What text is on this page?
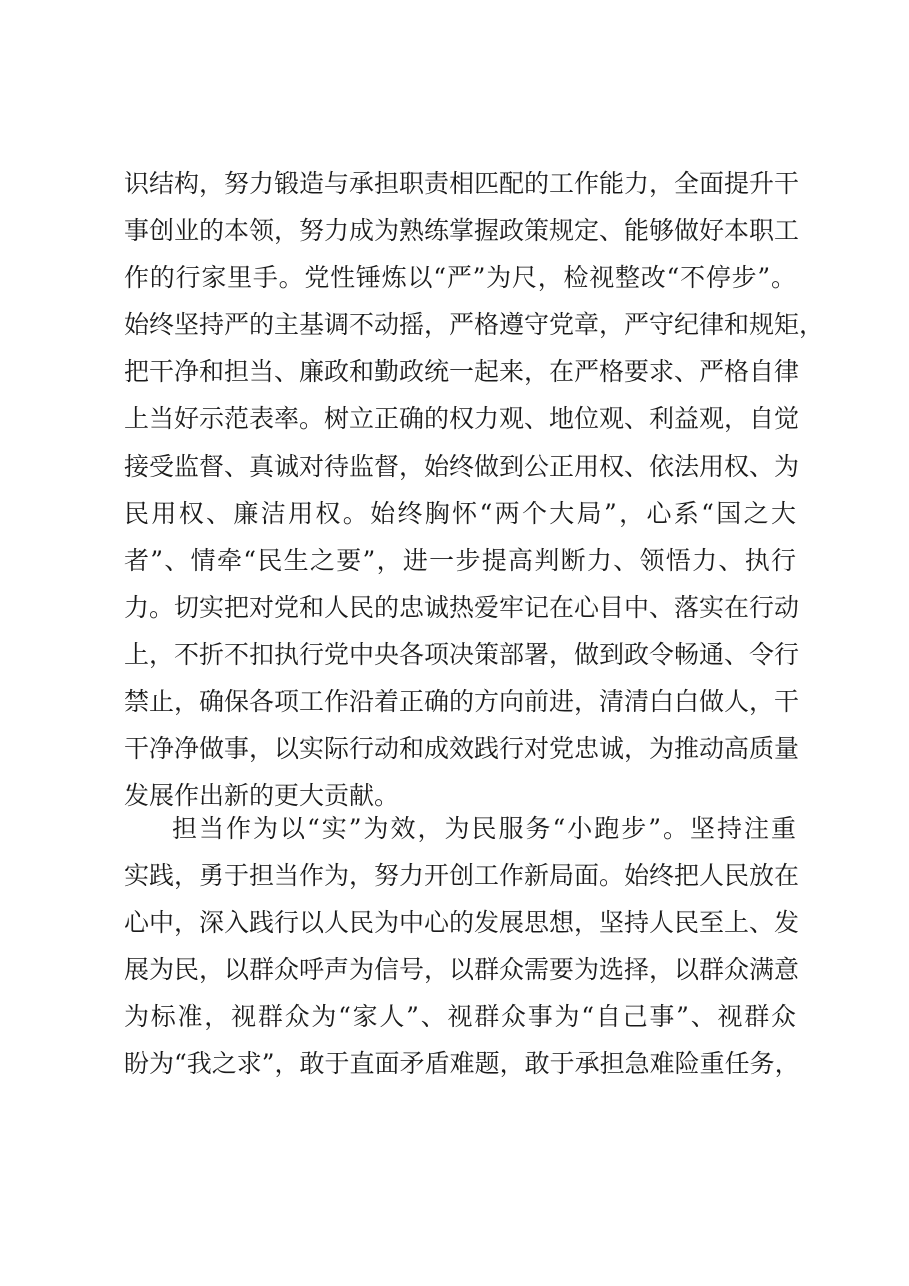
识结构，努力锻造与承担职责相匹配的工作能力，全面提升干
事创业的本领，努力成为熟练掌握政策规定、能够做好本职工
作的行家里手。党性锤炼以“严”为尺，检视整改“不停步”。
始终坚持严的主基调不动摇，严格遵守党章，严守纪律和规矩，
把干净和担当、廉政和勤政统一起来，在严格要求、严格自律
上当好示范表率。树立正确的权力观、地位观、利益观，自觉
接受监督、真诚对待监督，始终做到公正用权、依法用权、为
民用权、廉洁用权。始终胸怀“两个大局”，心系“国之大
者”、情牵“民生之要”，进一步提高判断力、领悟力、执行
力。切实把对党和人民的忠诚热爱牢记在心目中、落实在行动
上，不折不扣执行党中央各项决策部署，做到政令畅通、令行
禁止，确保各项工作沿着正确的方向前进，清清白白做人，干
干净净做事，以实际行动和成效践行对党忠诚，为推动高质量
发展作出新的更大贡献。
担当作为以“实”为效，为民服务“小跑步”。坚持注重
实践，勇于担当作为，努力开创工作新局面。始终把人民放在
心中，深入践行以人民为中心的发展思想，坚持人民至上、发
展为民，以群众呼声为信号，以群众需要为选择，以群众满意
为标准，视群众为“家人”、视群众事为“自己事”、视群众
盼为“我之求”，敢于直面矛盾难题，敢于承担急难险重任务，
